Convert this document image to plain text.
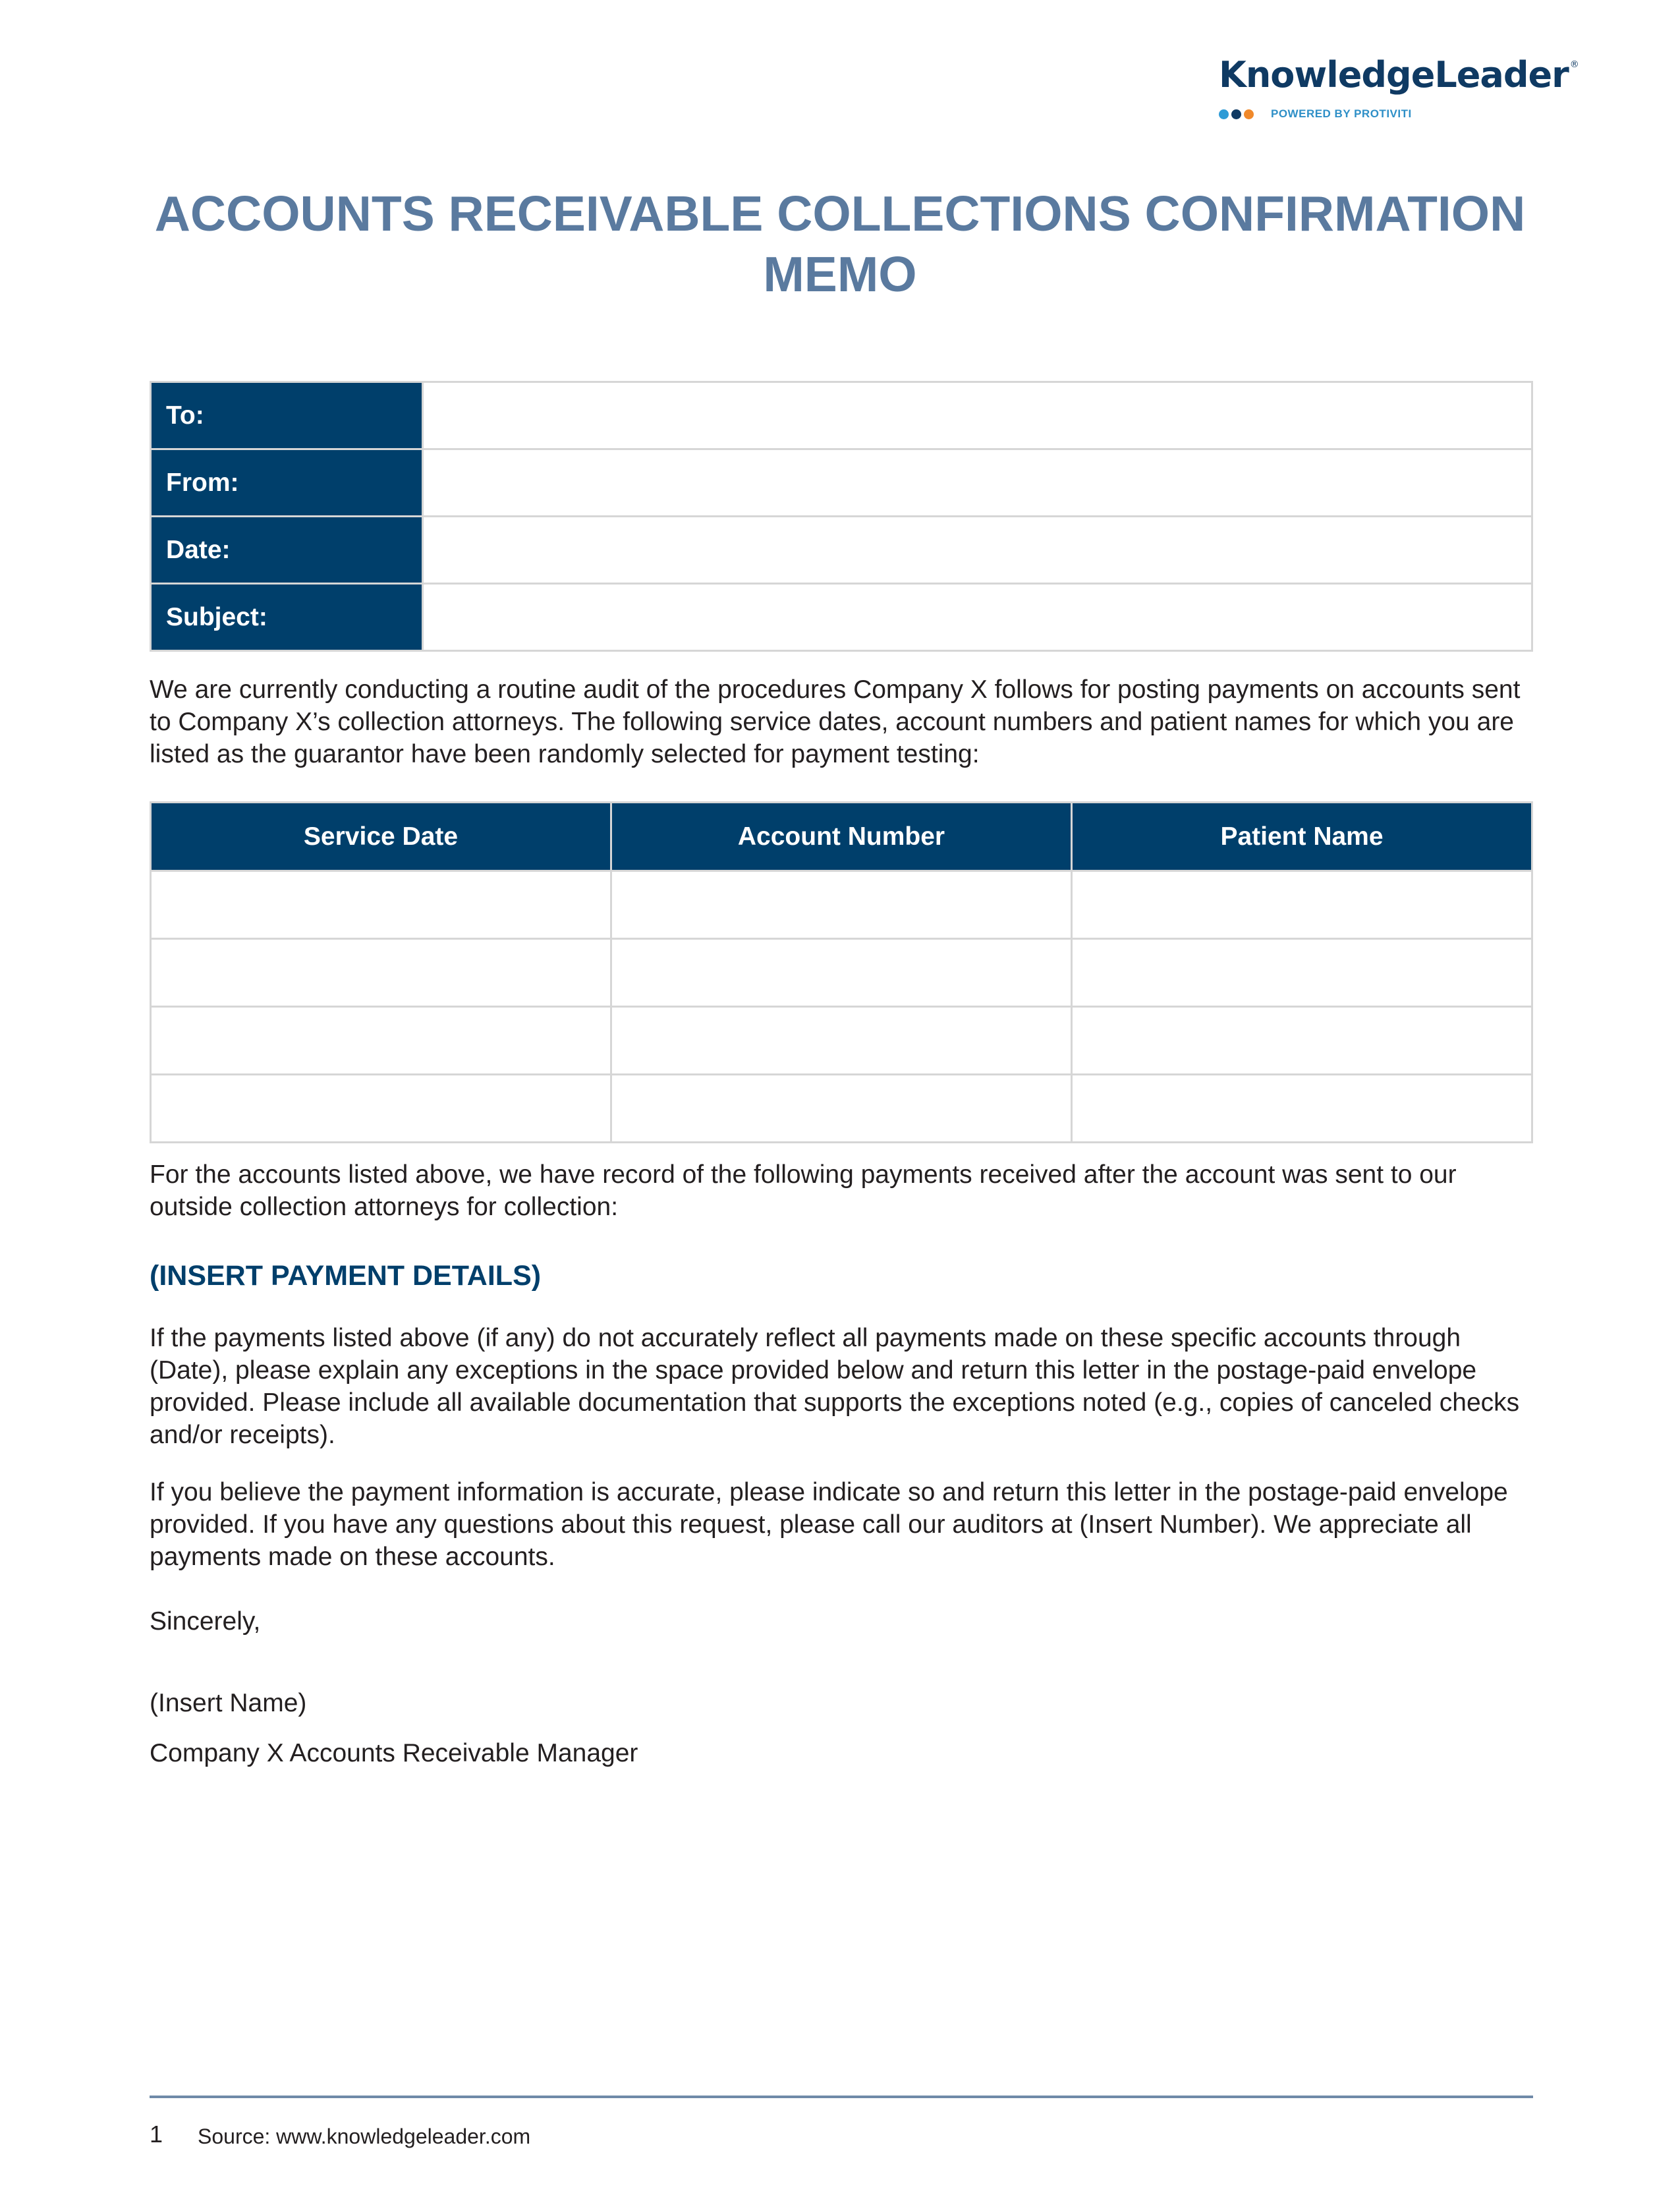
KnowledgeLeader ®
POWERED BY PROTIVITI
ACCOUNTS RECEIVABLE COLLECTIONS CONFIRMATION MEMO
To:	
From:	
Date:	
Subject:	

We are currently conducting a routine audit of the procedures Company X follows for posting payments on accounts sent to Company X’s collection attorneys. The following service dates, account numbers and patient names for which you are listed as the guarantor have been randomly selected for payment testing:

Service Date	Account Number	Patient Name

For the accounts listed above, we have record of the following payments received after the account was sent to our outside collection attorneys for collection:

(INSERT PAYMENT DETAILS)

If the payments listed above (if any) do not accurately reflect all payments made on these specific accounts through (Date), please explain any exceptions in the space provided below and return this letter in the postage-paid envelope provided. Please include all available documentation that supports the exceptions noted (e.g., copies of canceled checks and/or receipts).

If you believe the payment information is accurate, please indicate so and return this letter in the postage-paid envelope provided. If you have any questions about this request, please call our auditors at (Insert Number). We appreciate all payments made on these accounts.

Sincerely,

(Insert Name)

Company X Accounts Receivable Manager

1 Source: www.knowledgeleader.com
